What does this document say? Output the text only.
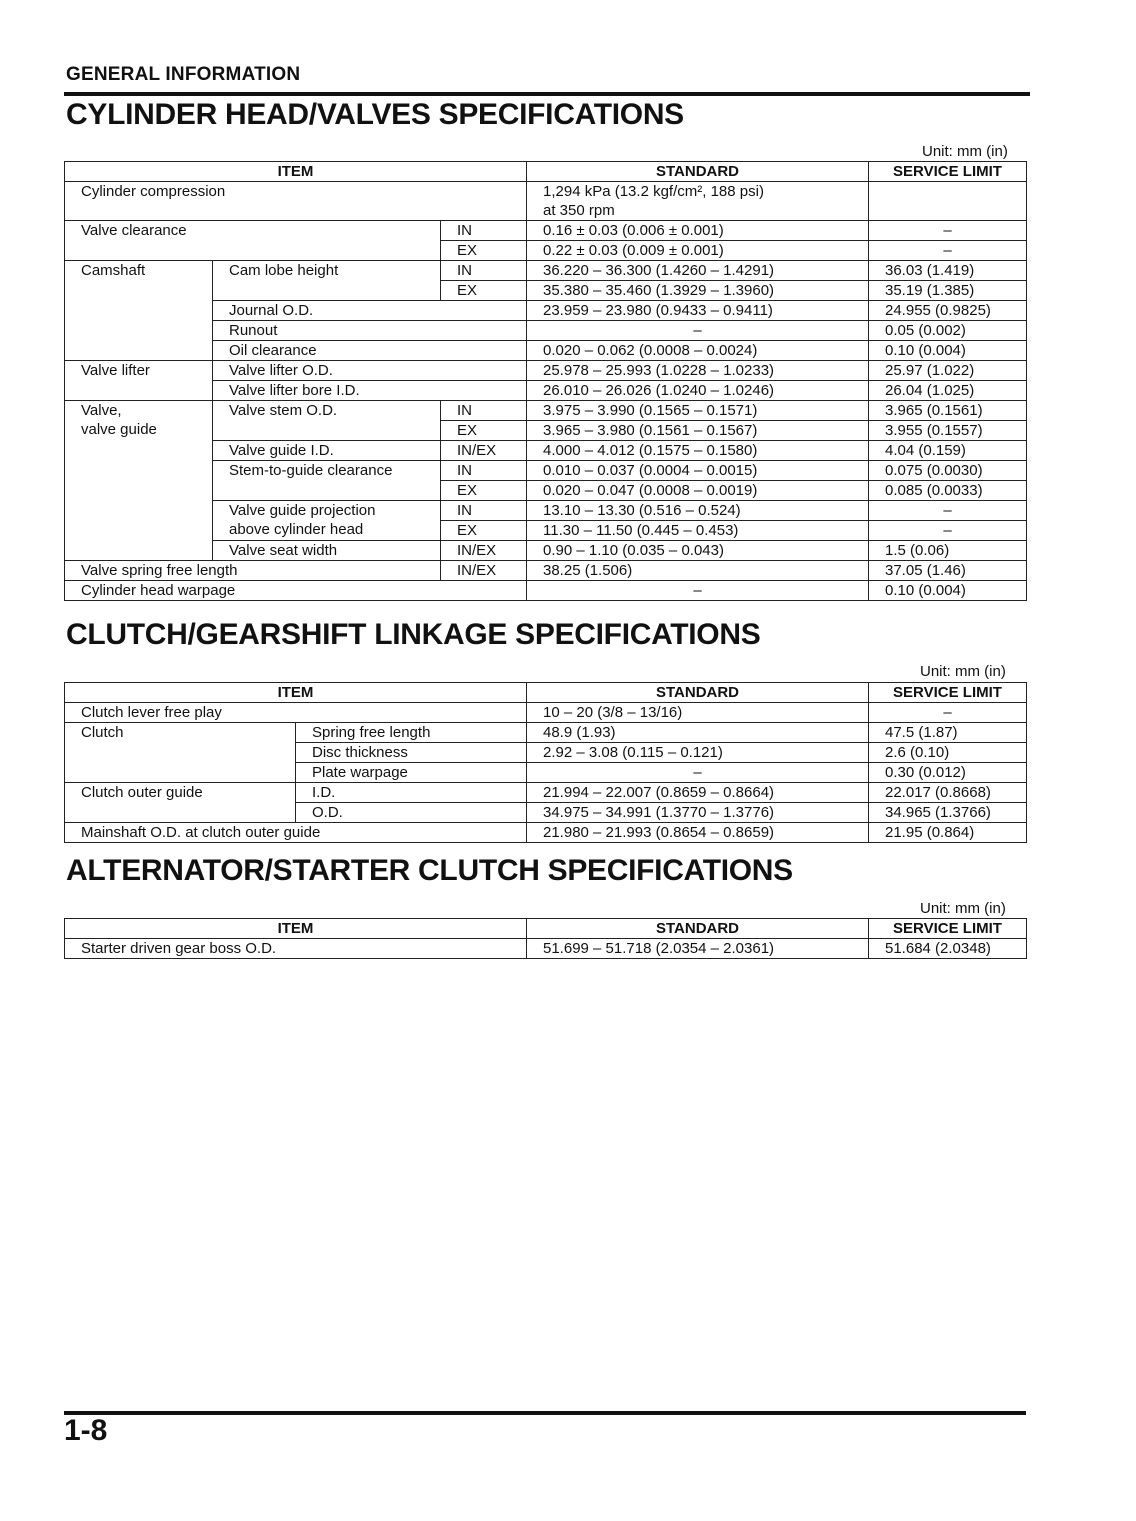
GENERAL INFORMATION
CYLINDER HEAD/VALVES SPECIFICATIONS
Unit: mm (in)
ITEM			STANDARD	SERVICE LIMIT
Cylinder compression			1,294 kPa (13.2 kgf/cm², 188 psi)
at 350 rpm	

Valve clearance		IN	0.16 ± 0.03 (0.006 ± 0.001)	–
		EX	0.22 ± 0.03 (0.009 ± 0.001)	–
Camshaft	Cam lobe height	IN	36.220 – 36.300 (1.4260 – 1.4291)	36.03 (1.419)
		EX	35.380 – 35.460 (1.3929 – 1.3960)	35.19 (1.385)
	Journal O.D.		23.959 – 23.980 (0.9433 – 0.9411)	24.955 (0.9825)
	Runout		–	0.05 (0.002)
	Oil clearance		0.020 – 0.062 (0.0008 – 0.0024)	0.10 (0.004)
Valve lifter	Valve lifter O.D.		25.978 – 25.993 (1.0228 – 1.0233)	25.97 (1.022)
	Valve lifter bore I.D.		26.010 – 26.026 (1.0240 – 1.0246)	26.04 (1.025)

Valve,
valve guide	Valve stem O.D.	IN	3.975 – 3.990 (0.1565 – 0.1571)	3.965 (0.1561)
		EX	3.965 – 3.980 (0.1561 – 0.1567)	3.955 (0.1557)
	Valve guide I.D.	IN/EX	4.000 – 4.012 (0.1575 – 0.1580)	4.04 (0.159)
	Stem-to-guide clearance	IN	0.010 – 0.037 (0.0004 – 0.0015)	0.075 (0.0030)
		EX	0.020 – 0.047 (0.0008 – 0.0019)	0.085 (0.0033)

	Valve guide projection
above cylinder head	IN	13.10 – 13.30 (0.516 – 0.524)	–
		EX	11.30 – 11.50 (0.445 – 0.453)	–
	Valve seat width	IN/EX	0.90 – 1.10 (0.035 – 0.043)	1.5 (0.06)
Valve spring free length		IN/EX	38.25 (1.506)	37.05 (1.46)
Cylinder head warpage			–	0.10 (0.004)
CLUTCH/GEARSHIFT LINKAGE SPECIFICATIONS
Unit: mm (in)
ITEM		STANDARD	SERVICE LIMIT
Clutch lever free play		10 – 20 (3/8 – 13/16)	–
Clutch	Spring free length	48.9 (1.93)	47.5 (1.87)
	Disc thickness	2.92 – 3.08 (0.115 – 0.121)	2.6 (0.10)
	Plate warpage	–	0.30 (0.012)
Clutch outer guide	I.D.	21.994 – 22.007 (0.8659 – 0.8664)	22.017 (0.8668)
	O.D.	34.975 – 34.991 (1.3770 – 1.3776)	34.965 (1.3766)
Mainshaft O.D. at clutch outer guide		21.980 – 21.993 (0.8654 – 0.8659)	21.95 (0.864)
ALTERNATOR/STARTER CLUTCH SPECIFICATIONS
Unit: mm (in)
ITEM	STANDARD	SERVICE LIMIT
Starter driven gear boss O.D.	51.699 – 51.718 (2.0354 – 2.0361)	51.684 (2.0348)
1-8
